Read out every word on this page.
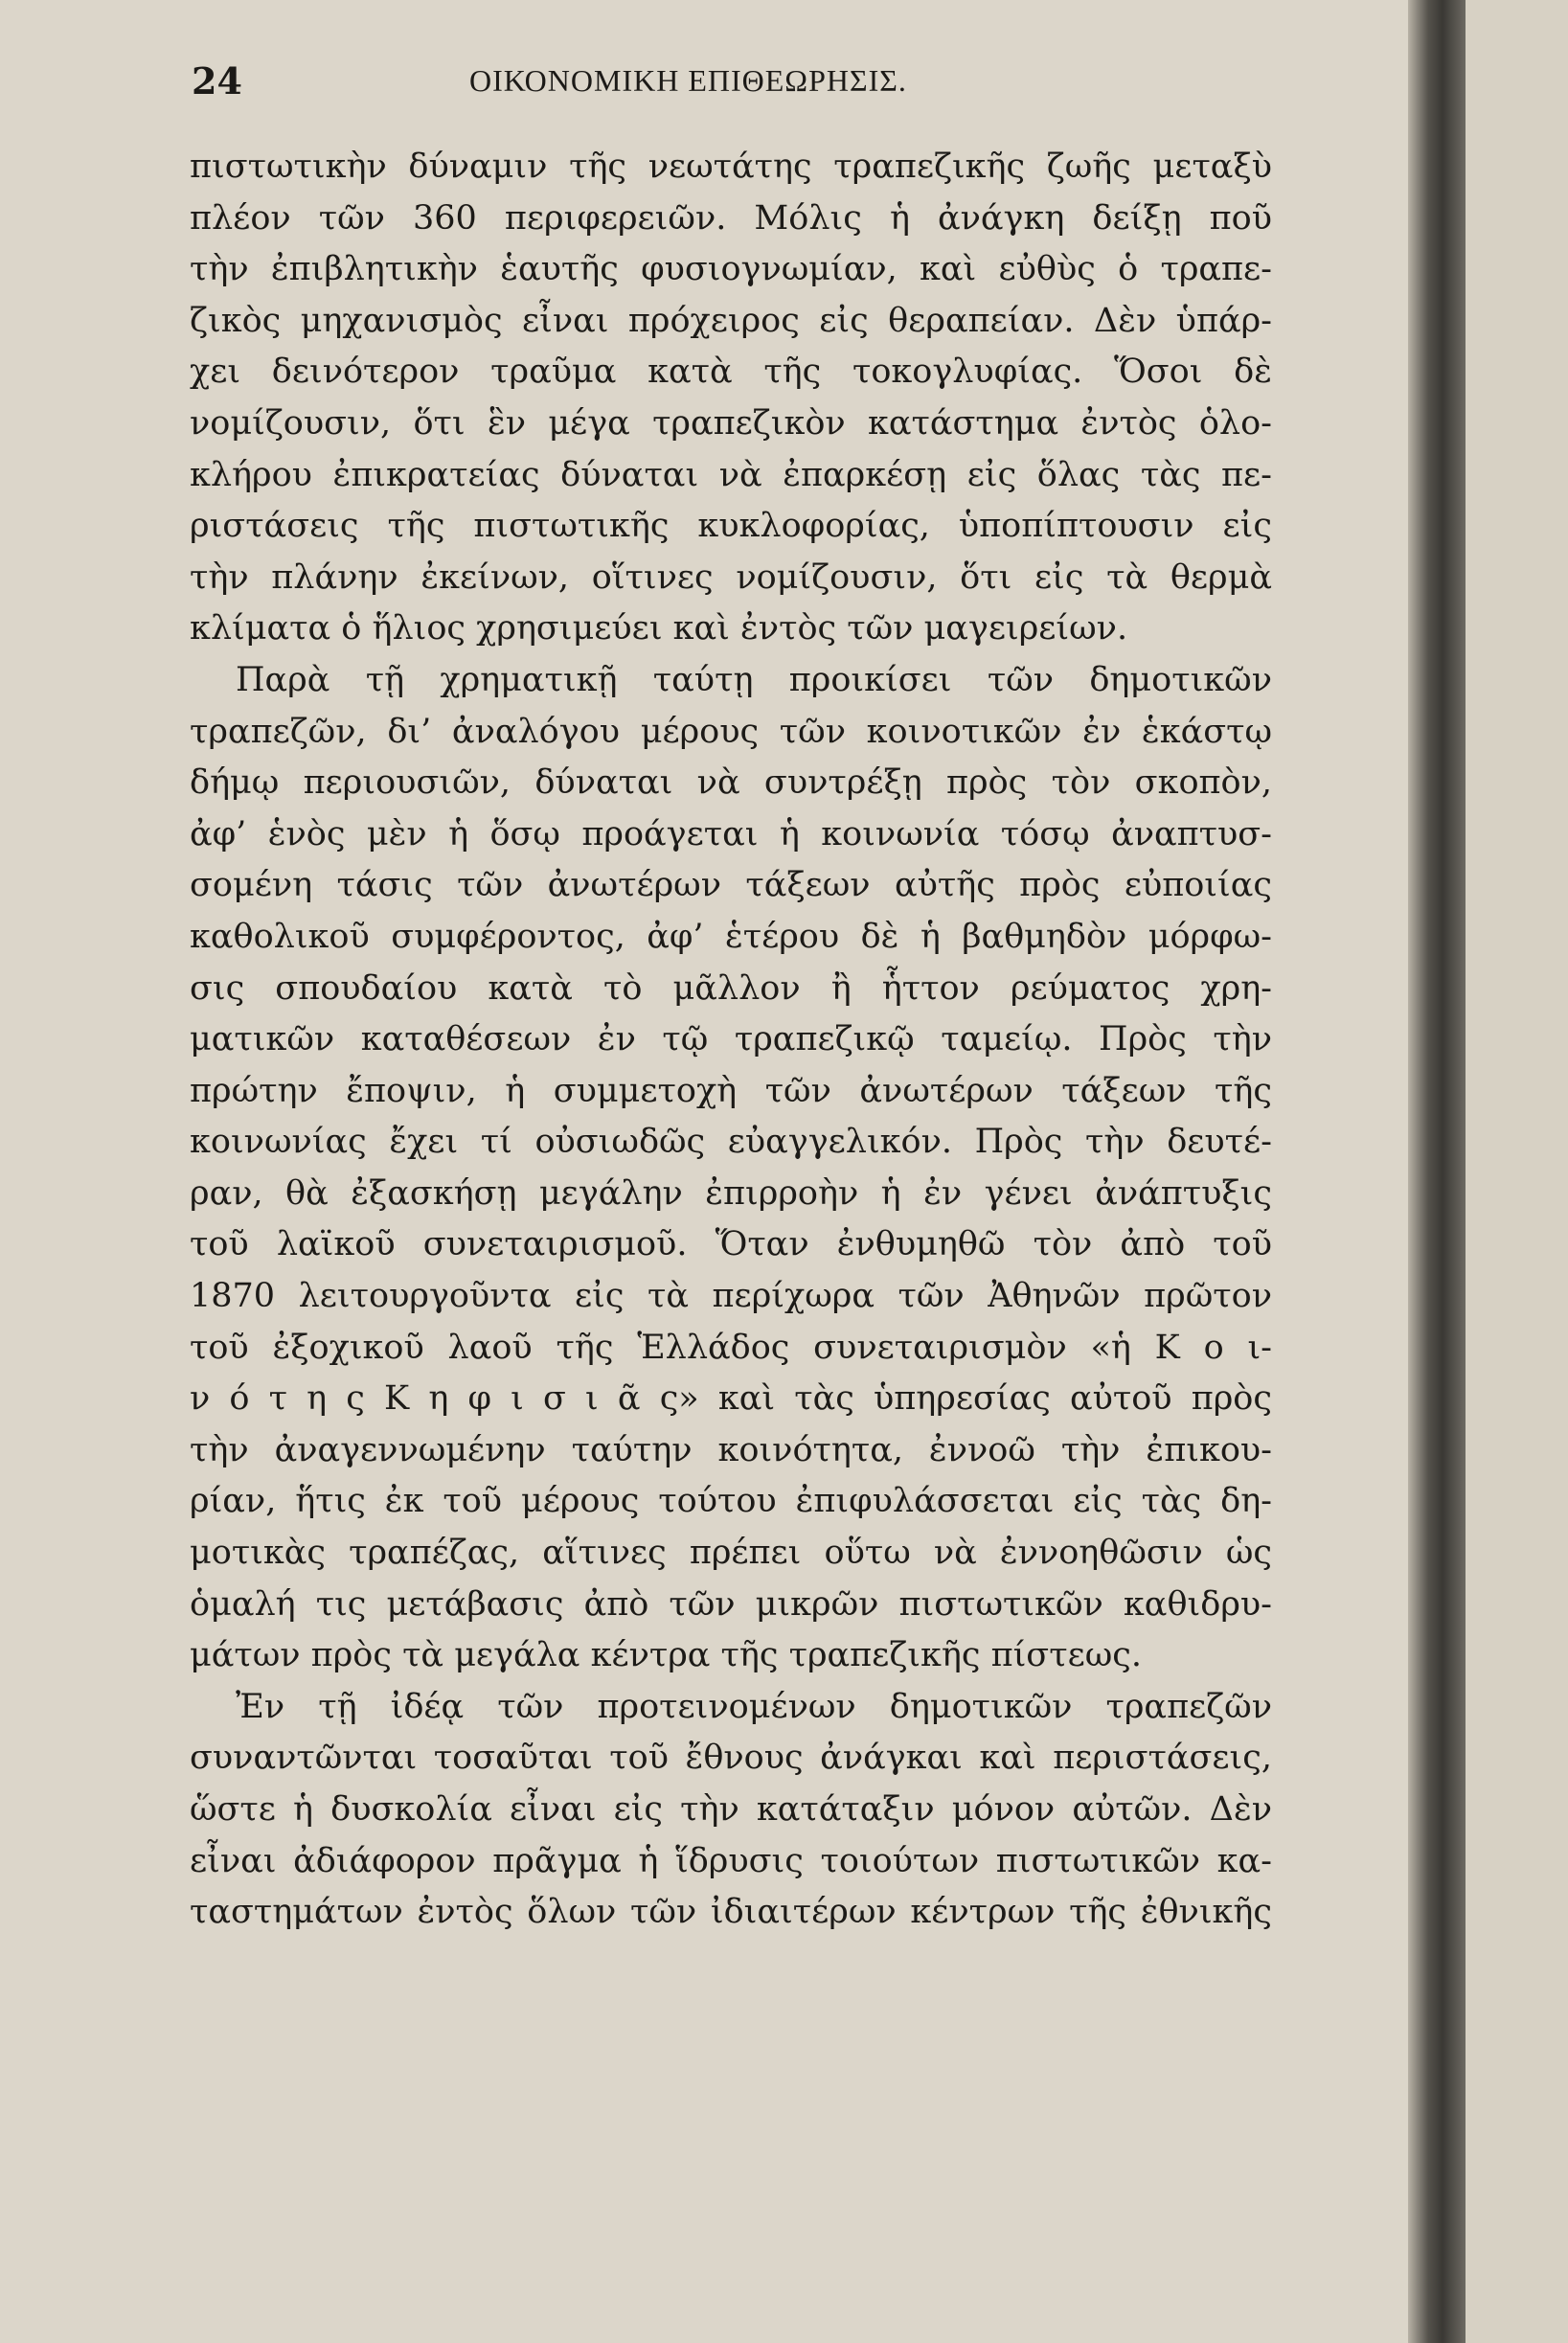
24	ΟΙΚΟΝΟΜΙΚΗ ΕΠΙΘΕΩΡΗΣΙΣ.
πιστωτικὴν δύναμιν τῆς νεωτάτης τραπεζικῆς ζωῆς μεταξὺ
πλέον τῶν 360 περιφερειῶν. Μόλις ἡ ἀνάγκη δείξῃ ποῦ
τὴν ἐπιβλητικὴν ἑαυτῆς φυσιογνωμίαν, καὶ εὐθὺς ὁ τραπε-
ζικὸς μηχανισμὸς εἶναι πρόχειρος εἰς θεραπείαν. Δὲν ὑπάρ-
χει δεινότερον τραῦμα κατὰ τῆς τοκογλυφίας. Ὅσοι δὲ
νομίζουσιν, ὅτι ἓν μέγα τραπεζικὸν κατάστημα ἐντὸς ὁλο-
κλήρου ἐπικρατείας δύναται νὰ ἐπαρκέσῃ εἰς ὅλας τὰς πε-
ριστάσεις τῆς πιστωτικῆς κυκλοφορίας, ὑποπίπτουσιν εἰς
τὴν πλάνην ἐκείνων, οἵτινες νομίζουσιν, ὅτι εἰς τὰ θερμὰ
κλίματα ὁ ἥλιος χρησιμεύει καὶ ἐντὸς τῶν μαγειρείων.
Παρὰ τῇ χρηματικῇ ταύτῃ προικίσει τῶν δημοτικῶν
τραπεζῶν, δι’ ἀναλόγου μέρους τῶν κοινοτικῶν ἐν ἑκάστῳ
δήμῳ περιουσιῶν, δύναται νὰ συντρέξῃ πρὸς τὸν σκοπὸν,
ἀφ’ ἑνὸς μὲν ἡ ὅσῳ προάγεται ἡ κοινωνία τόσῳ ἀναπτυσ-
σομένη τάσις τῶν ἀνωτέρων τάξεων αὐτῆς πρὸς εὐποιίας
καθολικοῦ συμφέροντος, ἀφ’ ἑτέρου δὲ ἡ βαθμηδὸν μόρφω-
σις σπουδαίου κατὰ τὸ μᾶλλον ἢ ἧττον ρεύματος χρη-
ματικῶν καταθέσεων ἐν τῷ τραπεζικῷ ταμείῳ. Πρὸς τὴν
πρώτην ἔποψιν, ἡ συμμετοχὴ τῶν ἀνωτέρων τάξεων τῆς
κοινωνίας ἔχει τί οὐσιωδῶς εὐαγγελικόν. Πρὸς τὴν δευτέ-
ραν, θὰ ἐξασκήσῃ μεγάλην ἐπιρροὴν ἡ ἐν γένει ἀνάπτυξις
τοῦ λαϊκοῦ συνεταιρισμοῦ. Ὅταν ἐνθυμηθῶ τὸν ἀπὸ τοῦ
1870 λειτουργοῦντα εἰς τὰ περίχωρα τῶν Ἀθηνῶν πρῶτον
τοῦ ἐξοχικοῦ λαοῦ τῆς Ἑλλάδος συνεταιρισμὸν «ἡ Κ ο ι-
ν ό τ η ς Κ η φ ι σ ι ᾶ ς» καὶ τὰς ὑπηρεσίας αὐτοῦ πρὸς
τὴν ἀναγεννωμένην ταύτην κοινότητα, ἐννοῶ τὴν ἐπικου-
ρίαν, ἥτις ἐκ τοῦ μέρους τούτου ἐπιφυλάσσεται εἰς τὰς δη-
μοτικὰς τραπέζας, αἵτινες πρέπει οὕτω νὰ ἐννοηθῶσιν ὡς
ὁμαλή τις μετάβασις ἀπὸ τῶν μικρῶν πιστωτικῶν καθιδρυ-
μάτων πρὸς τὰ μεγάλα κέντρα τῆς τραπεζικῆς πίστεως.
Ἐν τῇ ἰδέᾳ τῶν προτεινομένων δημοτικῶν τραπεζῶν
συναντῶνται τοσαῦται τοῦ ἔθνους ἀνάγκαι καὶ περιστάσεις,
ὥστε ἡ δυσκολία εἶναι εἰς τὴν κατάταξιν μόνον αὐτῶν. Δὲν
εἶναι ἀδιάφορον πρᾶγμα ἡ ἵδρυσις τοιούτων πιστωτικῶν κα-
ταστημάτων ἐντὸς ὅλων τῶν ἰδιαιτέρων κέντρων τῆς ἐθνικῆς
